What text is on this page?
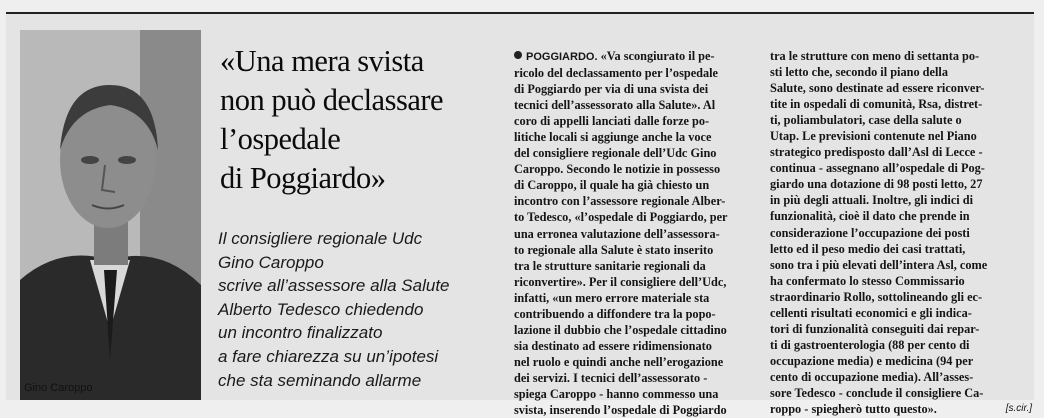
Gino Caroppo
«Una mera svista
non può declassare
l’ospedale
di Poggiardo»
Il consigliere regionale Udc
Gino Caroppo
scrive all’assessore alla Salute
Alberto Tedesco chiedendo
un incontro finalizzato
a fare chiarezza su un’ipotesi
che sta seminando allarme
POGGIARDO. «Va scongiurato il pe-
ricolo del declassamento per l’ospedale
di Poggiardo per via di una svista dei
tecnici dell’assessorato alla Salute». Al
coro di appelli lanciati dalle forze po-
litiche locali si aggiunge anche la voce
del consigliere regionale dell’Udc Gino
Caroppo. Secondo le notizie in possesso
di Caroppo, il quale ha già chiesto un
incontro con l’assessore regionale Alber-
to Tedesco, «l’ospedale di Poggiardo, per
una erronea valutazione dell’assessora-
to regionale alla Salute è stato inserito
tra le strutture sanitarie regionali da
riconvertire». Per il consigliere dell’Udc,
infatti, «un mero errore materiale sta
contribuendo a diffondere tra la popo-
lazione il dubbio che l’ospedale cittadino
sia destinato ad essere ridimensionato
nel ruolo e quindi anche nell’erogazione
dei servizi. I tecnici dell’assessorato -
spiega Caroppo - hanno commesso una
svista, inserendo l’ospedale di Poggiardo
tra le strutture con meno di settanta po-
sti letto che, secondo il piano della
Salute, sono destinate ad essere riconver-
tite in ospedali di comunità, Rsa, distret-
ti, poliambulatori, case della salute o
Utap. Le previsioni contenute nel Piano
strategico predisposto dall’Asl di Lecce -
continua - assegnano all’ospedale di Pog-
giardo una dotazione di 98 posti letto, 27
in più degli attuali. Inoltre, gli indici di
funzionalità, cioè il dato che prende in
considerazione l’occupazione dei posti
letto ed il peso medio dei casi trattati,
sono tra i più elevati dell’intera Asl, come
ha confermato lo stesso Commissario
straordinario Rollo, sottolineando gli ec-
cellenti risultati economici e gli indica-
tori di funzionalità conseguiti dai repar-
ti di gastroenterologia (88 per cento di
occupazione media) e medicina (94 per
cento di occupazione media). All’asses-
sore Tedesco - conclude il consigliere Ca-
roppo - spiegherò tutto questo».	[s.cir.]
